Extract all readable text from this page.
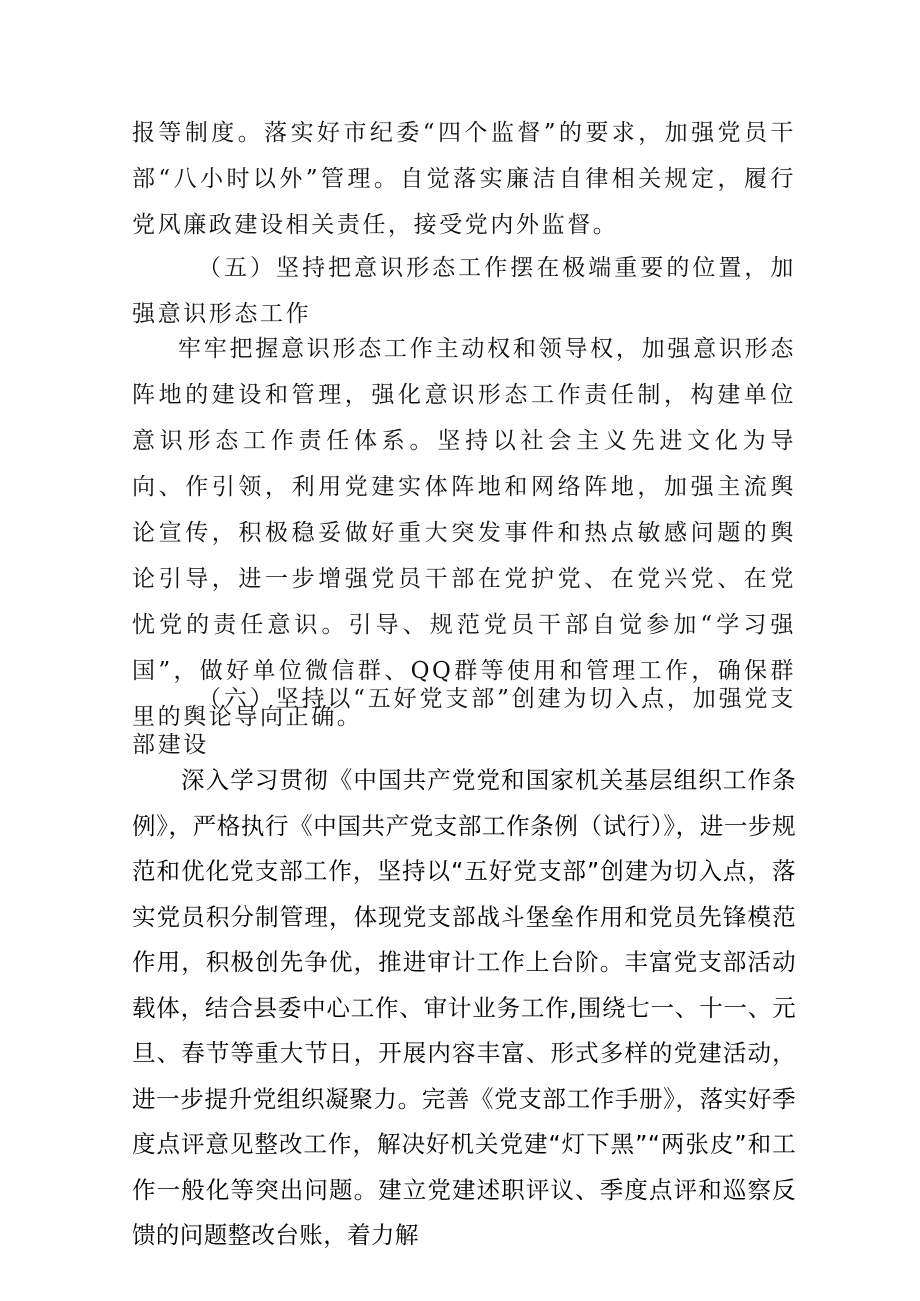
报等制度。落实好市纪委“四个监督”的要求，加强党员干部“八小时以外”管理。自觉落实廉洁自律相关规定，履行党风廉政建设相关责任，接受党内外监督。

（五）坚持把意识形态工作摆在极端重要的位置，加强意识形态工作

牢牢把握意识形态工作主动权和领导权，加强意识形态阵地的建设和管理，强化意识形态工作责任制，构建单位意识形态工作责任体系。坚持以社会主义先进文化为导向、作引领，利用党建实体阵地和网络阵地，加强主流舆论宣传，积极稳妥做好重大突发事件和热点敏感问题的舆论引导，进一步增强党员干部在党护党、在党兴党、在党忧党的责任意识。引导、规范党员干部自觉参加“学习强国”，做好单位微信群、QQ群等使用和管理工作，确保群里的舆论导向正确。

（六）坚持以“五好党支部”创建为切入点，加强党支部建设

深入学习贯彻《中国共产党党和国家机关基层组织工作条例》，严格执行《中国共产党支部工作条例（试行）》，进一步规范和优化党支部工作，坚持以“五好党支部”创建为切入点，落实党员积分制管理，体现党支部战斗堡垒作用和党员先锋模范作用，积极创先争优，推进审计工作上台阶。丰富党支部活动载体，结合县委中心工作、审计业务工作,围绕七一、十一、元旦、春节等重大节日，开展内容丰富、形式多样的党建活动，进一步提升党组织凝聚力。完善《党支部工作手册》，落实好季度点评意见整改工作，解决好机关党建“灯下黑”“两张皮”和工作一般化等突出问题。建立党建述职评议、季度点评和巡察反馈的问题整改台账，着力解
